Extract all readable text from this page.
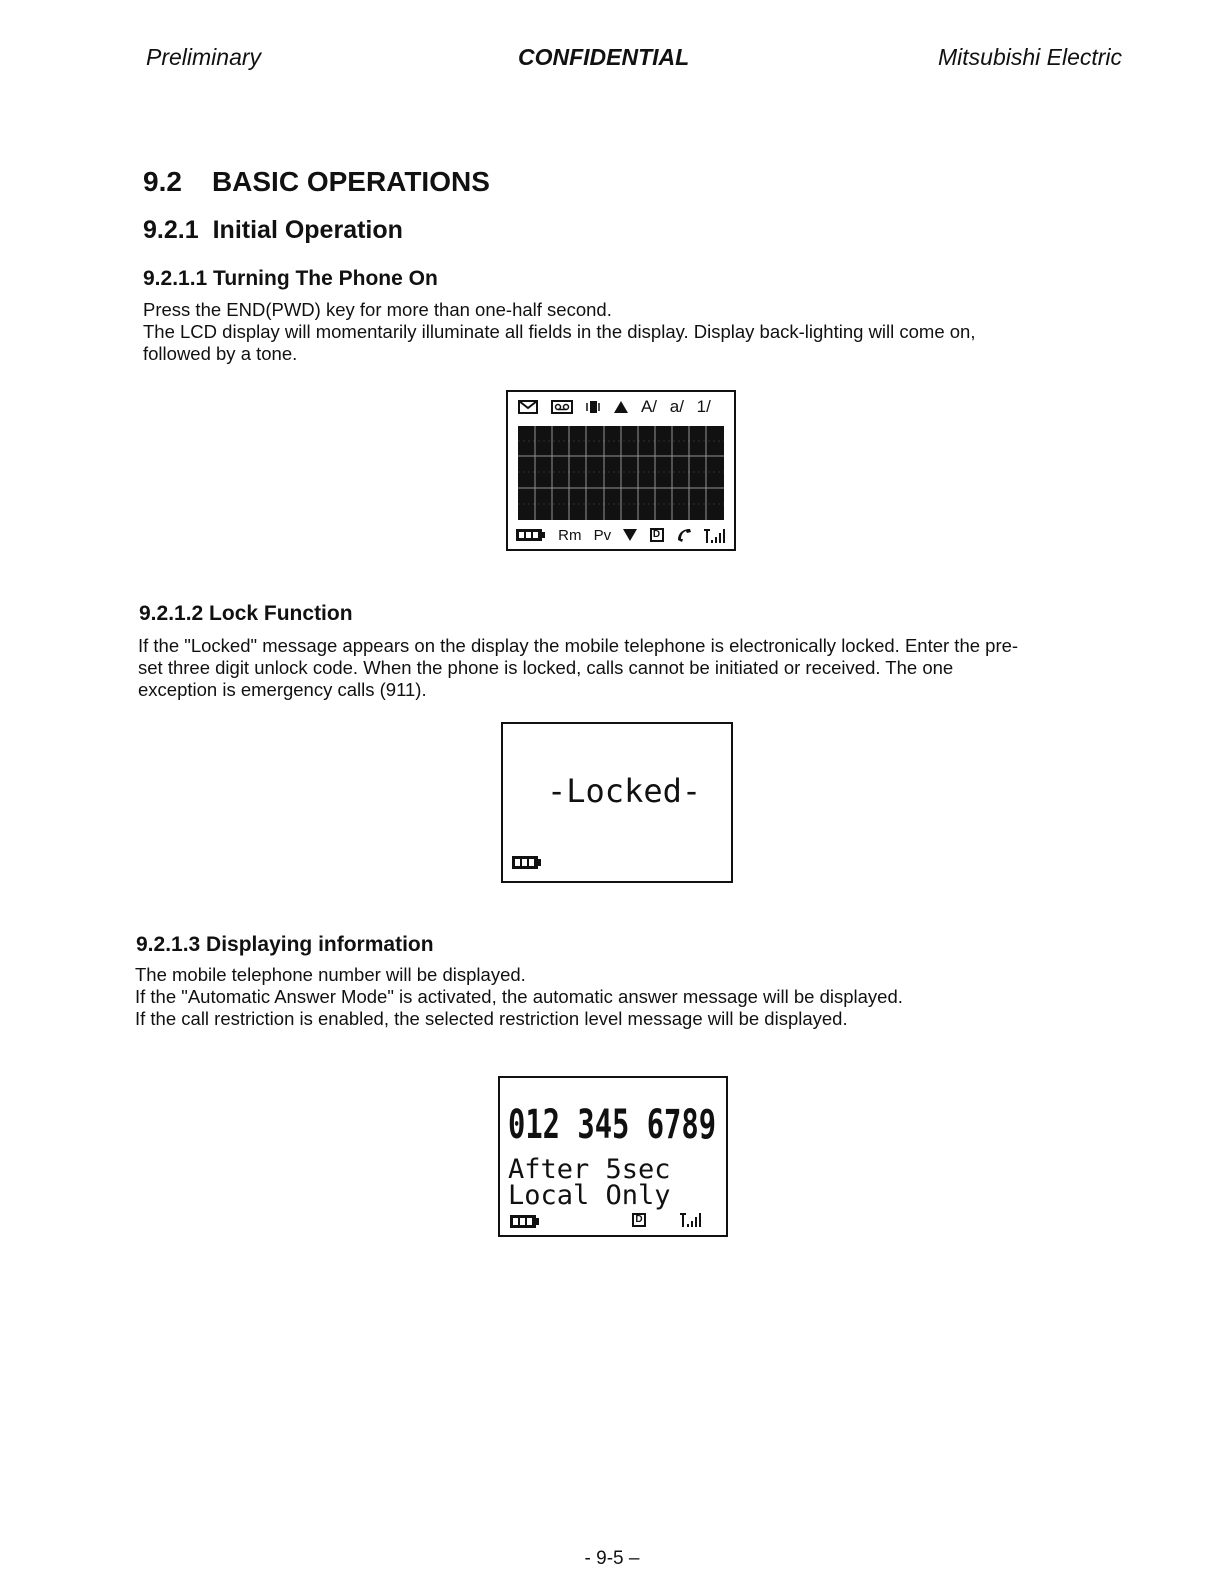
Preliminary	CONFIDENTIAL	Mitsubishi Electric
9.2 BASIC OPERATIONS
9.2.1 Initial Operation
9.2.1.1 Turning The Phone On

Press the END(PWD) key for more than one-half second.
The LCD display will momentarily illuminate all fields in the display. Display back-lighting will come on,
followed by a tone.

A/ a/ 1/
Rm Pv	D
9.2.1.2 Lock Function

If the "Locked" message appears on the display the mobile telephone is electronically locked. Enter the pre-
set three digit unlock code. When the phone is locked, calls cannot be initiated or received. The one
exception is emergency calls (911).

-Locked-
9.2.1.3 Displaying information

The mobile telephone number will be displayed.
If the "Automatic Answer Mode" is activated, the automatic answer message will be displayed.
If the call restriction is enabled, the selected restriction level message will be displayed.

012 345 6789
After 5sec
Local Only
D
- 9-5 –
